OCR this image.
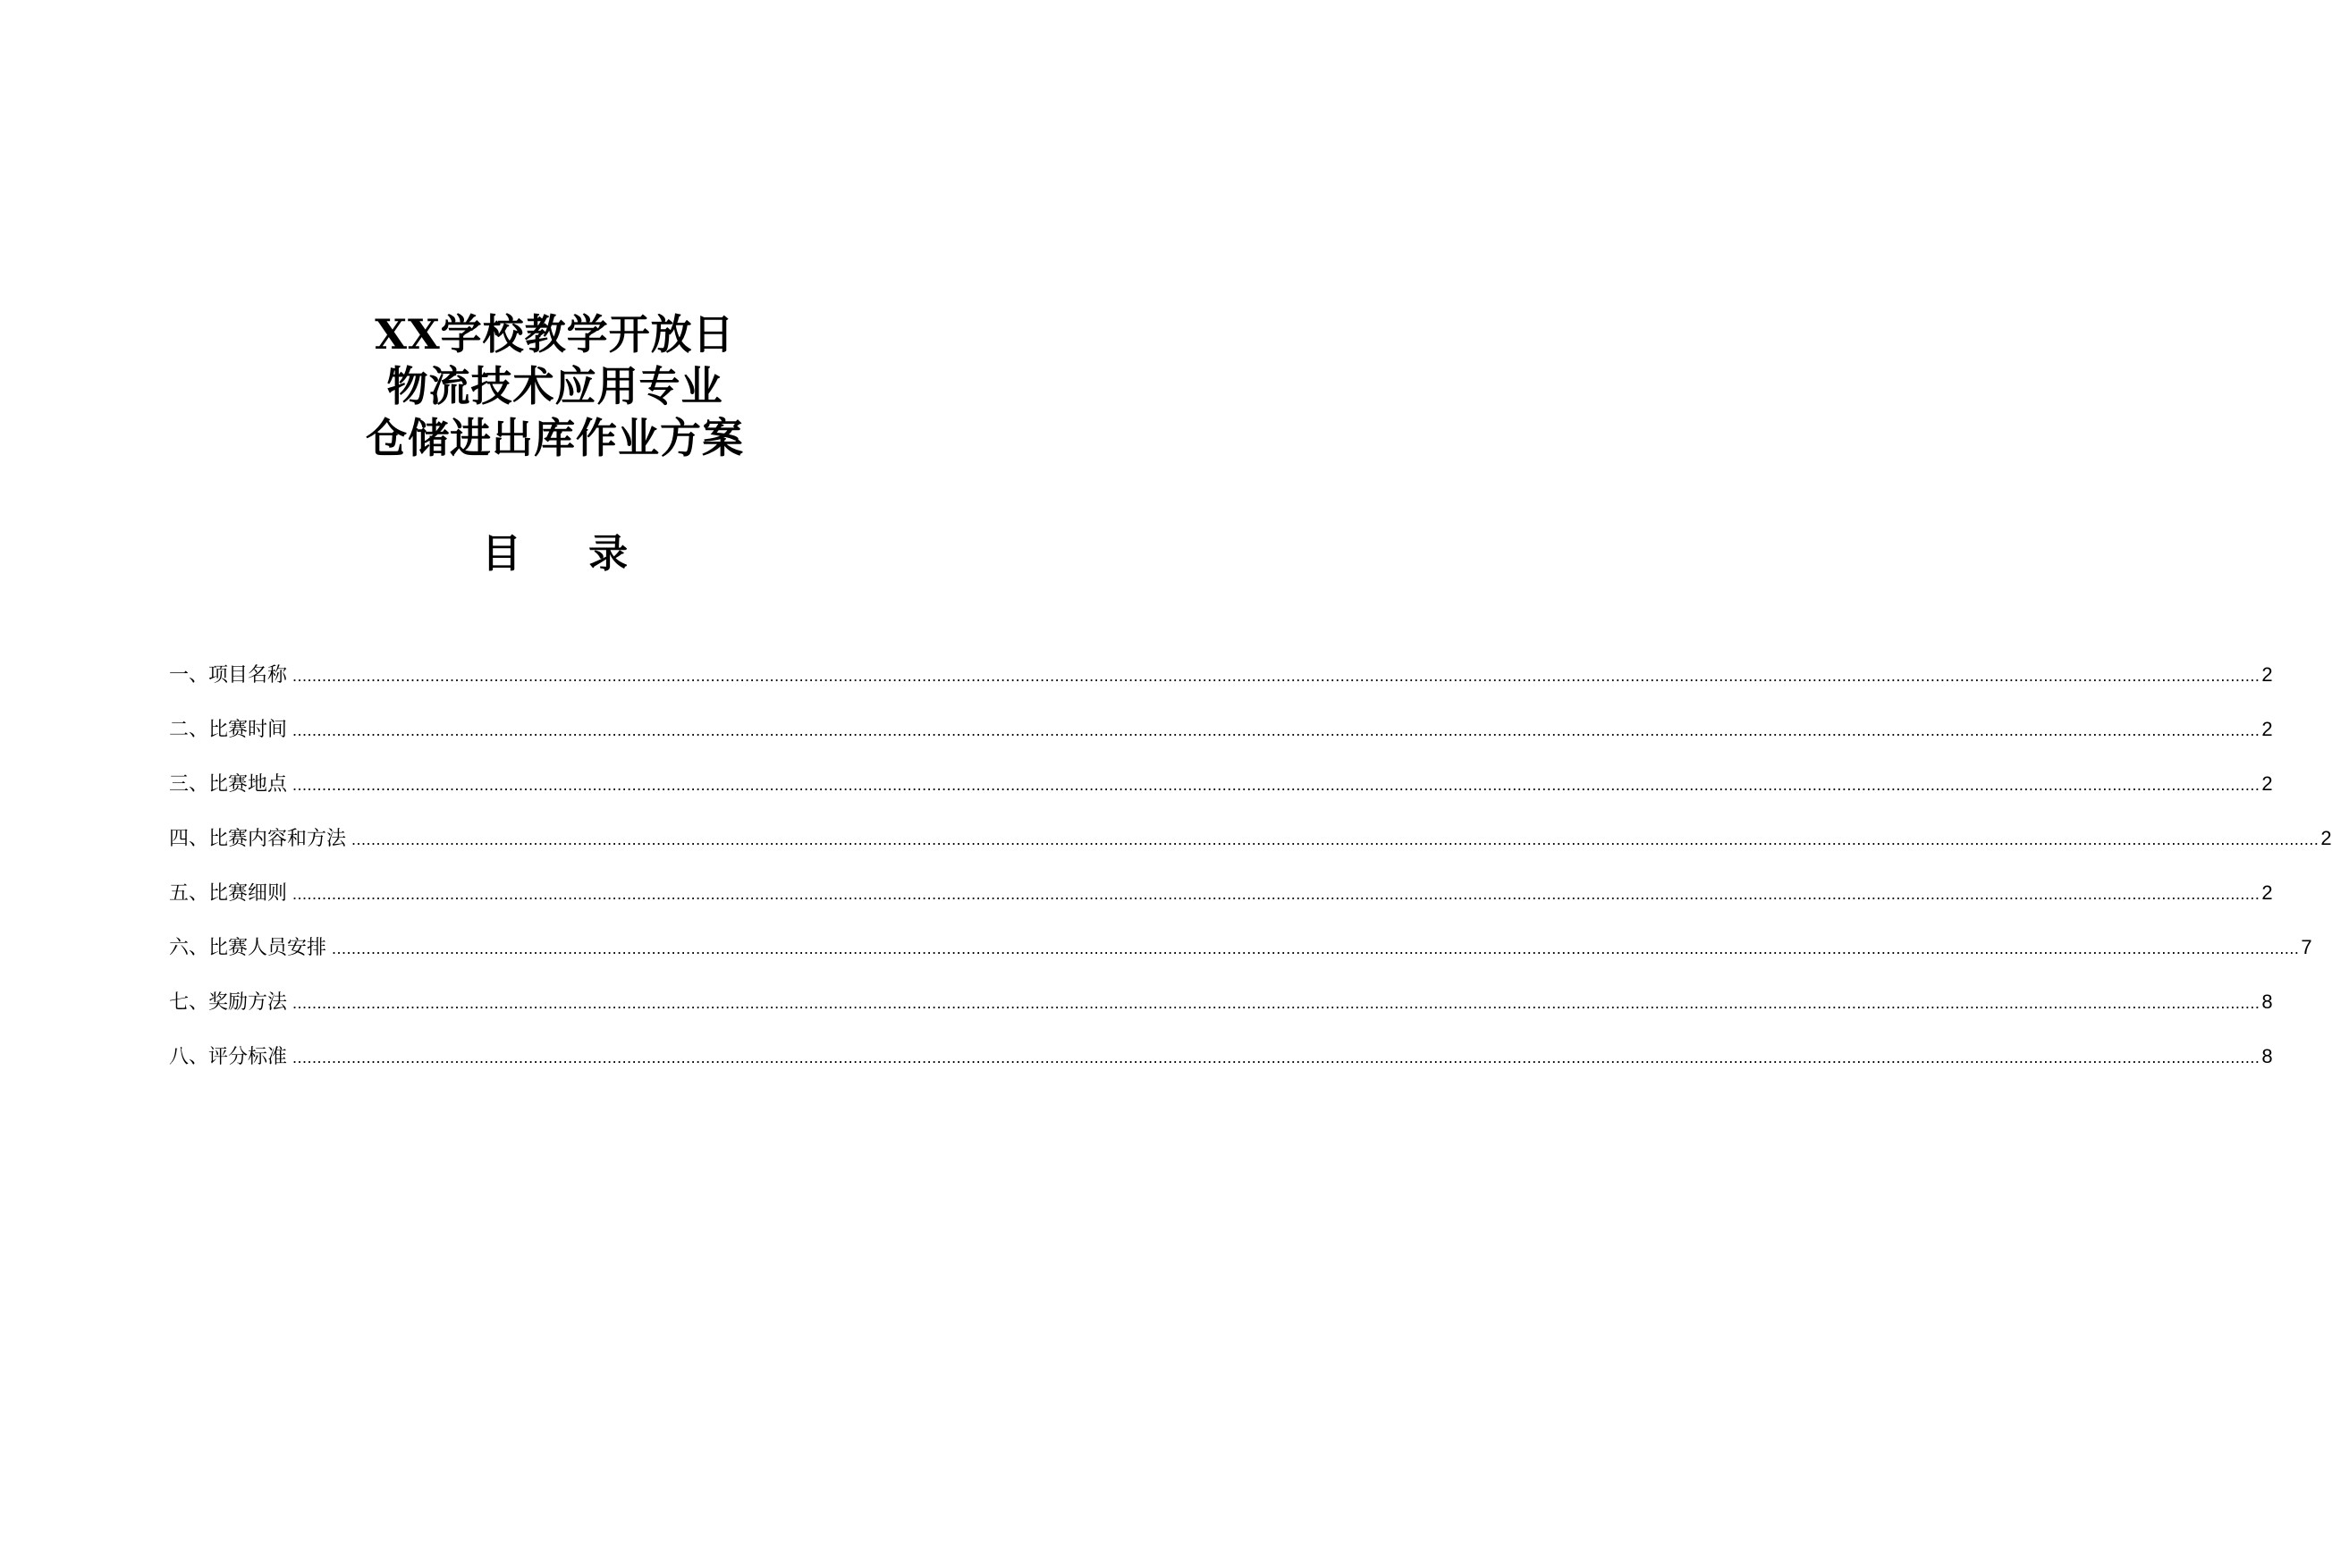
XX学校教学开放日
物流技术应用专业
仓储进出库作业方案
目 录
一、项目名称 ................................................................................................................................................................................................................................................................................................................................................................................................................ 2
二、比赛时间 ................................................................................................................................................................................................................................................................................................................................................................................................................ 2
三、比赛地点 ................................................................................................................................................................................................................................................................................................................................................................................................................ 2
四、比赛内容和方法 ................................................................................................................................................................................................................................................................................................................................................................................................................ 2
五、比赛细则 ................................................................................................................................................................................................................................................................................................................................................................................................................ 2
六、比赛人员安排 ................................................................................................................................................................................................................................................................................................................................................................................................................ 7
七、奖励方法 ................................................................................................................................................................................................................................................................................................................................................................................................................ 8
八、评分标准 ................................................................................................................................................................................................................................................................................................................................................................................................................ 8
